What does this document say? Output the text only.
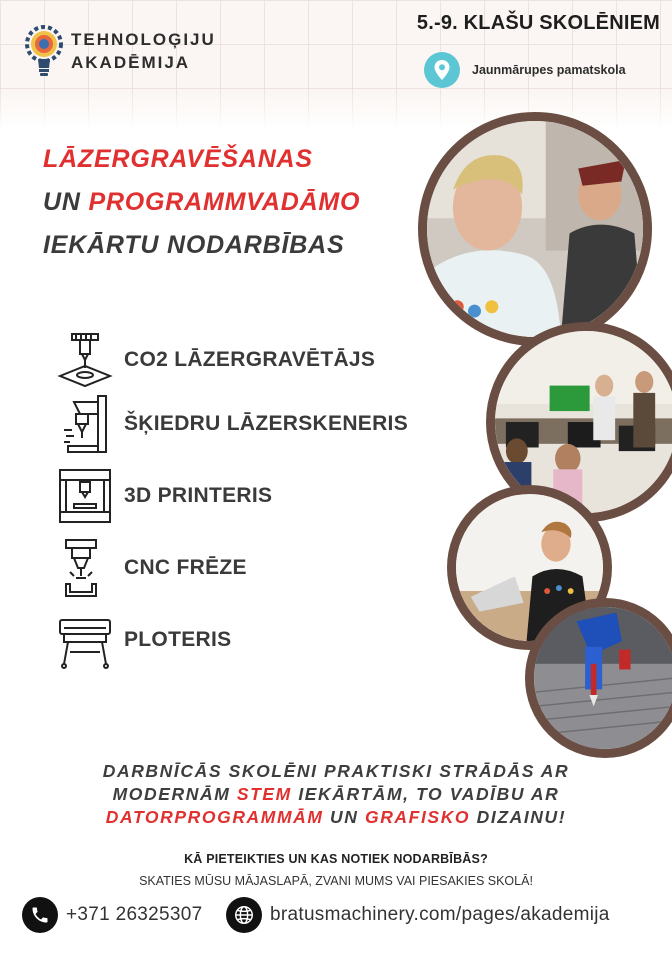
TEHNOLOĢIJU
AKADĒMIJA
5.-9. KLAŠU SKOLĒNIEM
Jaunmārupes pamatskola
LĀZERGRAVĒŠANAS
UN PROGRAMMVADĀMO
IEKĀRTU NODARBĪBAS
CO2 LĀZERGRAVĒTĀJS
ŠĶIEDRU LĀZERSKENERIS
3D PRINTERIS
CNC FRĒZE
PLOTERIS
DARBNĪCĀS SKOLĒNI PRAKTISKI STRĀDĀS AR
MODERNĀM STEM IEKĀRTĀM, TO VADĪBU AR
DATORPROGRAMMĀM UN GRAFISKO DIZAINU!
KĀ PIETEIKTIES UN KAS NOTIEK NODARBĪBĀS?
SKATIES MŪSU MĀJASLAPĀ, ZVANI MUMS VAI PIESAKIES SKOLĀ!
+371 26325307	bratusmachinery.com/pages/akademija
